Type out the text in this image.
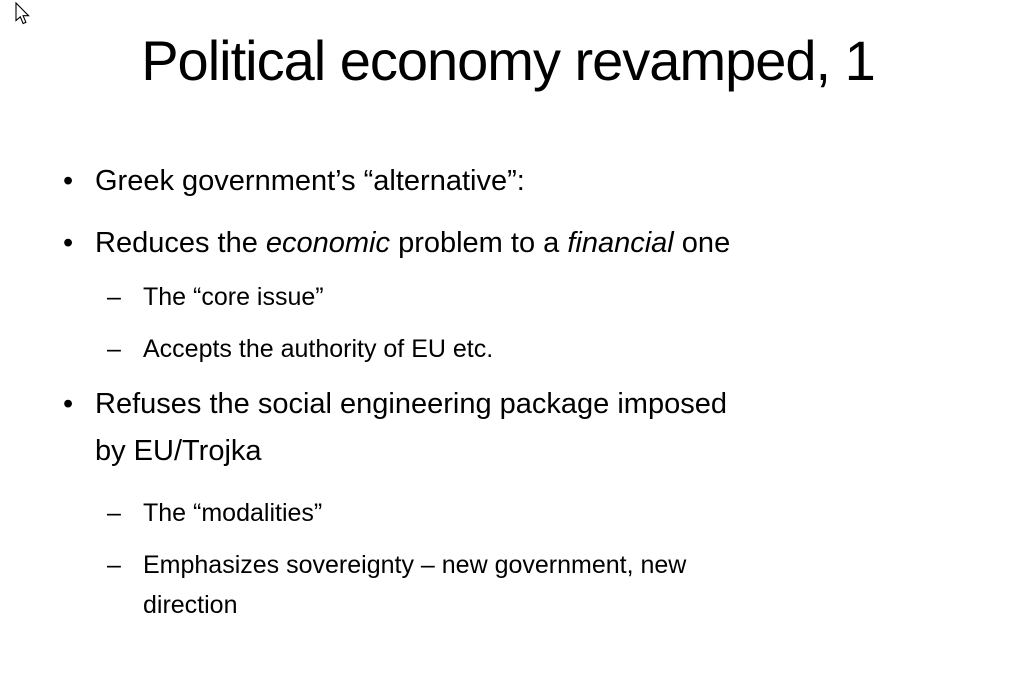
Political economy revamped, 1
• Greek government’s “alternative”:
• Reduces the economic problem to a financial one
– The “core issue”
– Accepts the authority of EU etc.
• Refuses the social engineering package imposed
by EU/Trojka
– The “modalities”
– Emphasizes sovereignty – new government, new
direction
